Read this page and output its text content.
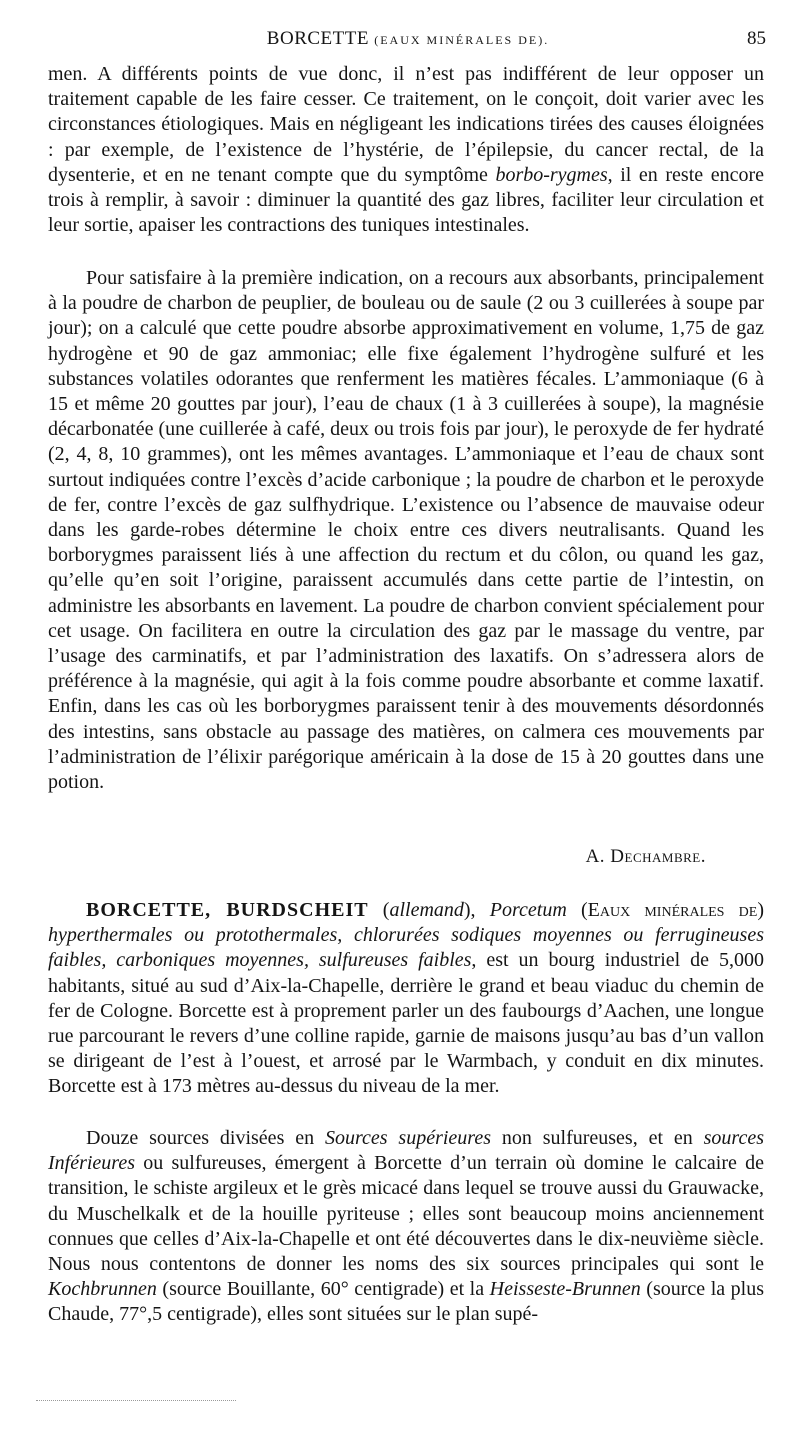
BORCETTE (EAUX MINÉRALES DE).	85

men. A différents points de vue donc, il n’est pas indifférent de leur opposer un traitement capable de les faire cesser. Ce traitement, on le conçoit, doit varier avec les circonstances étiologiques. Mais en négligeant les indications tirées des causes éloignées : par exemple, de l’existence de l’hystérie, de l’épilepsie, du cancer rectal, de la dysenterie, et en ne tenant compte que du symptôme borbo-rygmes, il en reste encore trois à remplir, à savoir : diminuer la quantité des gaz libres, faciliter leur circulation et leur sortie, apaiser les contractions des tuniques intestinales.

Pour satisfaire à la première indication, on a recours aux absorbants, principalement à la poudre de charbon de peuplier, de bouleau ou de saule (2 ou 3 cuillerées à soupe par jour); on a calculé que cette poudre absorbe approximativement en volume, 1,75 de gaz hydrogène et 90 de gaz ammoniac; elle fixe également l’hydrogène sulfuré et les substances volatiles odorantes que renferment les matières fécales. L’ammoniaque (6 à 15 et même 20 gouttes par jour), l’eau de chaux (1 à 3 cuillerées à soupe), la magnésie décarbonatée (une cuillerée à café, deux ou trois fois par jour), le peroxyde de fer hydraté (2, 4, 8, 10 grammes), ont les mêmes avantages. L’ammoniaque et l’eau de chaux sont surtout indiquées contre l’excès d’acide carbonique ; la poudre de charbon et le peroxyde de fer, contre l’excès de gaz sulfhydrique. L’existence ou l’absence de mauvaise odeur dans les garde-robes détermine le choix entre ces divers neutralisants. Quand les borborygmes paraissent liés à une affection du rectum et du côlon, ou quand les gaz, qu’elle qu’en soit l’origine, paraissent accumulés dans cette partie de l’intestin, on administre les absorbants en lavement. La poudre de charbon convient spécialement pour cet usage. On facilitera en outre la circulation des gaz par le massage du ventre, par l’usage des carminatifs, et par l’administration des laxatifs. On s’adressera alors de préférence à la magnésie, qui agit à la fois comme poudre absorbante et comme laxatif. Enfin, dans les cas où les borborygmes paraissent tenir à des mouvements désordonnés des intestins, sans obstacle au passage des matières, on calmera ces mouvements par l’administration de l’élixir parégorique américain à la dose de 15 à 20 gouttes dans une potion.

A. Dechambre.

BORCETTE, BURDSCHEIT (allemand), Porcetum (Eaux minérales de) hyperthermales ou protothermales, chlorurées sodiques moyennes ou ferrugineuses faibles, carboniques moyennes, sulfureuses faibles, est un bourg industriel de 5,000 habitants, situé au sud d’Aix-la-Chapelle, derrière le grand et beau viaduc du chemin de fer de Cologne. Borcette est à proprement parler un des faubourgs d’Aachen, une longue rue parcourant le revers d’une colline rapide, garnie de maisons jusqu’au bas d’un vallon se dirigeant de l’est à l’ouest, et arrosé par le Warmbach, y conduit en dix minutes. Borcette est à 173 mètres au-dessus du niveau de la mer.

Douze sources divisées en Sources supérieures non sulfureuses, et en sources Inférieures ou sulfureuses, émergent à Borcette d’un terrain où domine le calcaire de transition, le schiste argileux et le grès micacé dans lequel se trouve aussi du Grauwacke, du Muschelkalk et de la houille pyriteuse ; elles sont beaucoup moins anciennement connues que celles d’Aix-la-Chapelle et ont été découvertes dans le dix-neuvième siècle. Nous nous contentons de donner les noms des six sources principales qui sont le Kochbrunnen (source Bouillante, 60° centigrade) et la Heisseste-Brunnen (source la plus Chaude, 77°,5 centigrade), elles sont situées sur le plan supé-
